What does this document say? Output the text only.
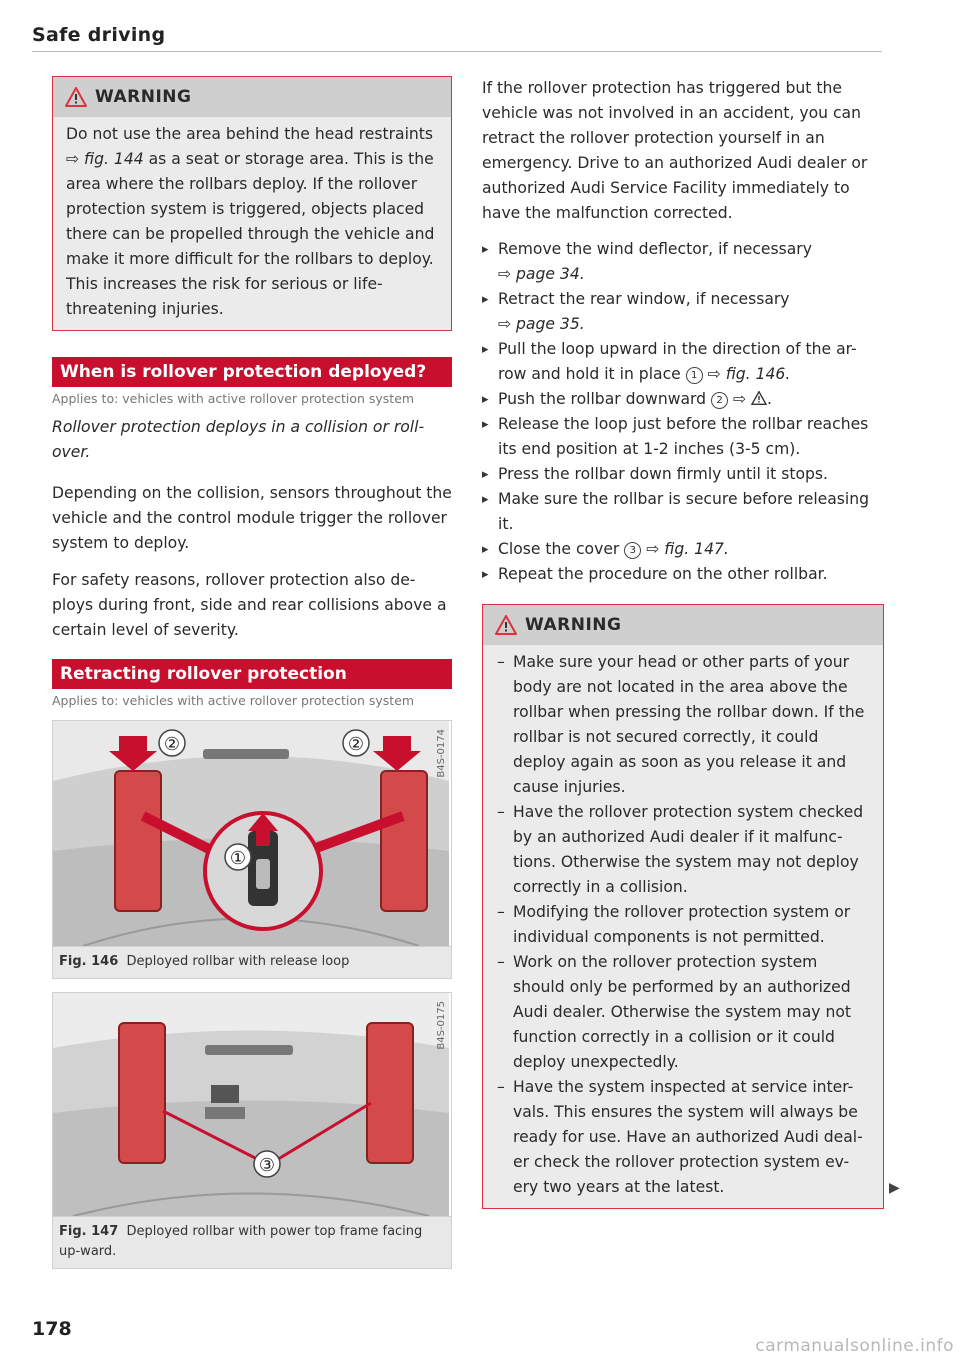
Safe driving
WARNING
Do not use the area behind the head restraints ⇨ fig. 144 as a seat or storage area. This is the area where the rollbars deploy. If the rollover protection system is triggered, objects placed there can be propelled through the vehicle and make it more difficult for the rollbars to deploy. This increases the risk for serious or life-threatening injuries.
When is rollover protection deployed?
Applies to: vehicles with active rollover protection system

Rollover protection deploys in a collision or roll-over.

Depending on the collision, sensors throughout the vehicle and the control module trigger the rollover system to deploy.

For safety reasons, rollover protection also de-ploys during front, side and rear collisions above a certain level of severity.

Retracting rollover protection
Applies to: vehicles with active rollover protection system
②	②
①
B4S-0174
Fig. 146 Deployed rollbar with release loop
③
B4S-0175
Fig. 147 Deployed rollbar with power top frame facing up-ward.

If the rollover protection has triggered but the vehicle was not involved in an accident, you can retract the rollover protection yourself in an emergency. Drive to an authorized Audi dealer or authorized Audi Service Facility immediately to have the malfunction corrected.

▸ Remove the wind deflector, if necessary
⇨ page 34.
▸ Retract the rear window, if necessary
⇨ page 35.
▸ Pull the loop upward in the direction of the ar-row and hold it in place 1 ⇨ fig. 146.
▸ Push the rollbar downward 2 ⇨ .
▸ Release the loop just before the rollbar reaches its end position at 1-2 inches (3-5 cm).
▸ Press the rollbar down firmly until it stops.
▸ Make sure the rollbar is secure before releasing it.
▸ Close the cover 3 ⇨ fig. 147.
▸ Repeat the procedure on the other rollbar.
WARNING
– Make sure your head or other parts of your body are not located in the area above the rollbar when pressing the rollbar down. If the rollbar is not secured correctly, it could deploy again as soon as you release it and cause injuries.
– Have the rollover protection system checked by an authorized Audi dealer if it malfunc-tions. Otherwise the system may not deploy correctly in a collision.
– Modifying the rollover protection system or individual components is not permitted.
– Work on the rollover protection system should only be performed by an authorized Audi dealer. Otherwise the system may not function correctly in a collision or it could deploy unexpectedly.
– Have the system inspected at service inter-vals. This ensures the system will always be ready for use. Have an authorized Audi deal-er check the rollover protection system ev-ery two years at the latest.	▶
178
carmanualsonline.info
